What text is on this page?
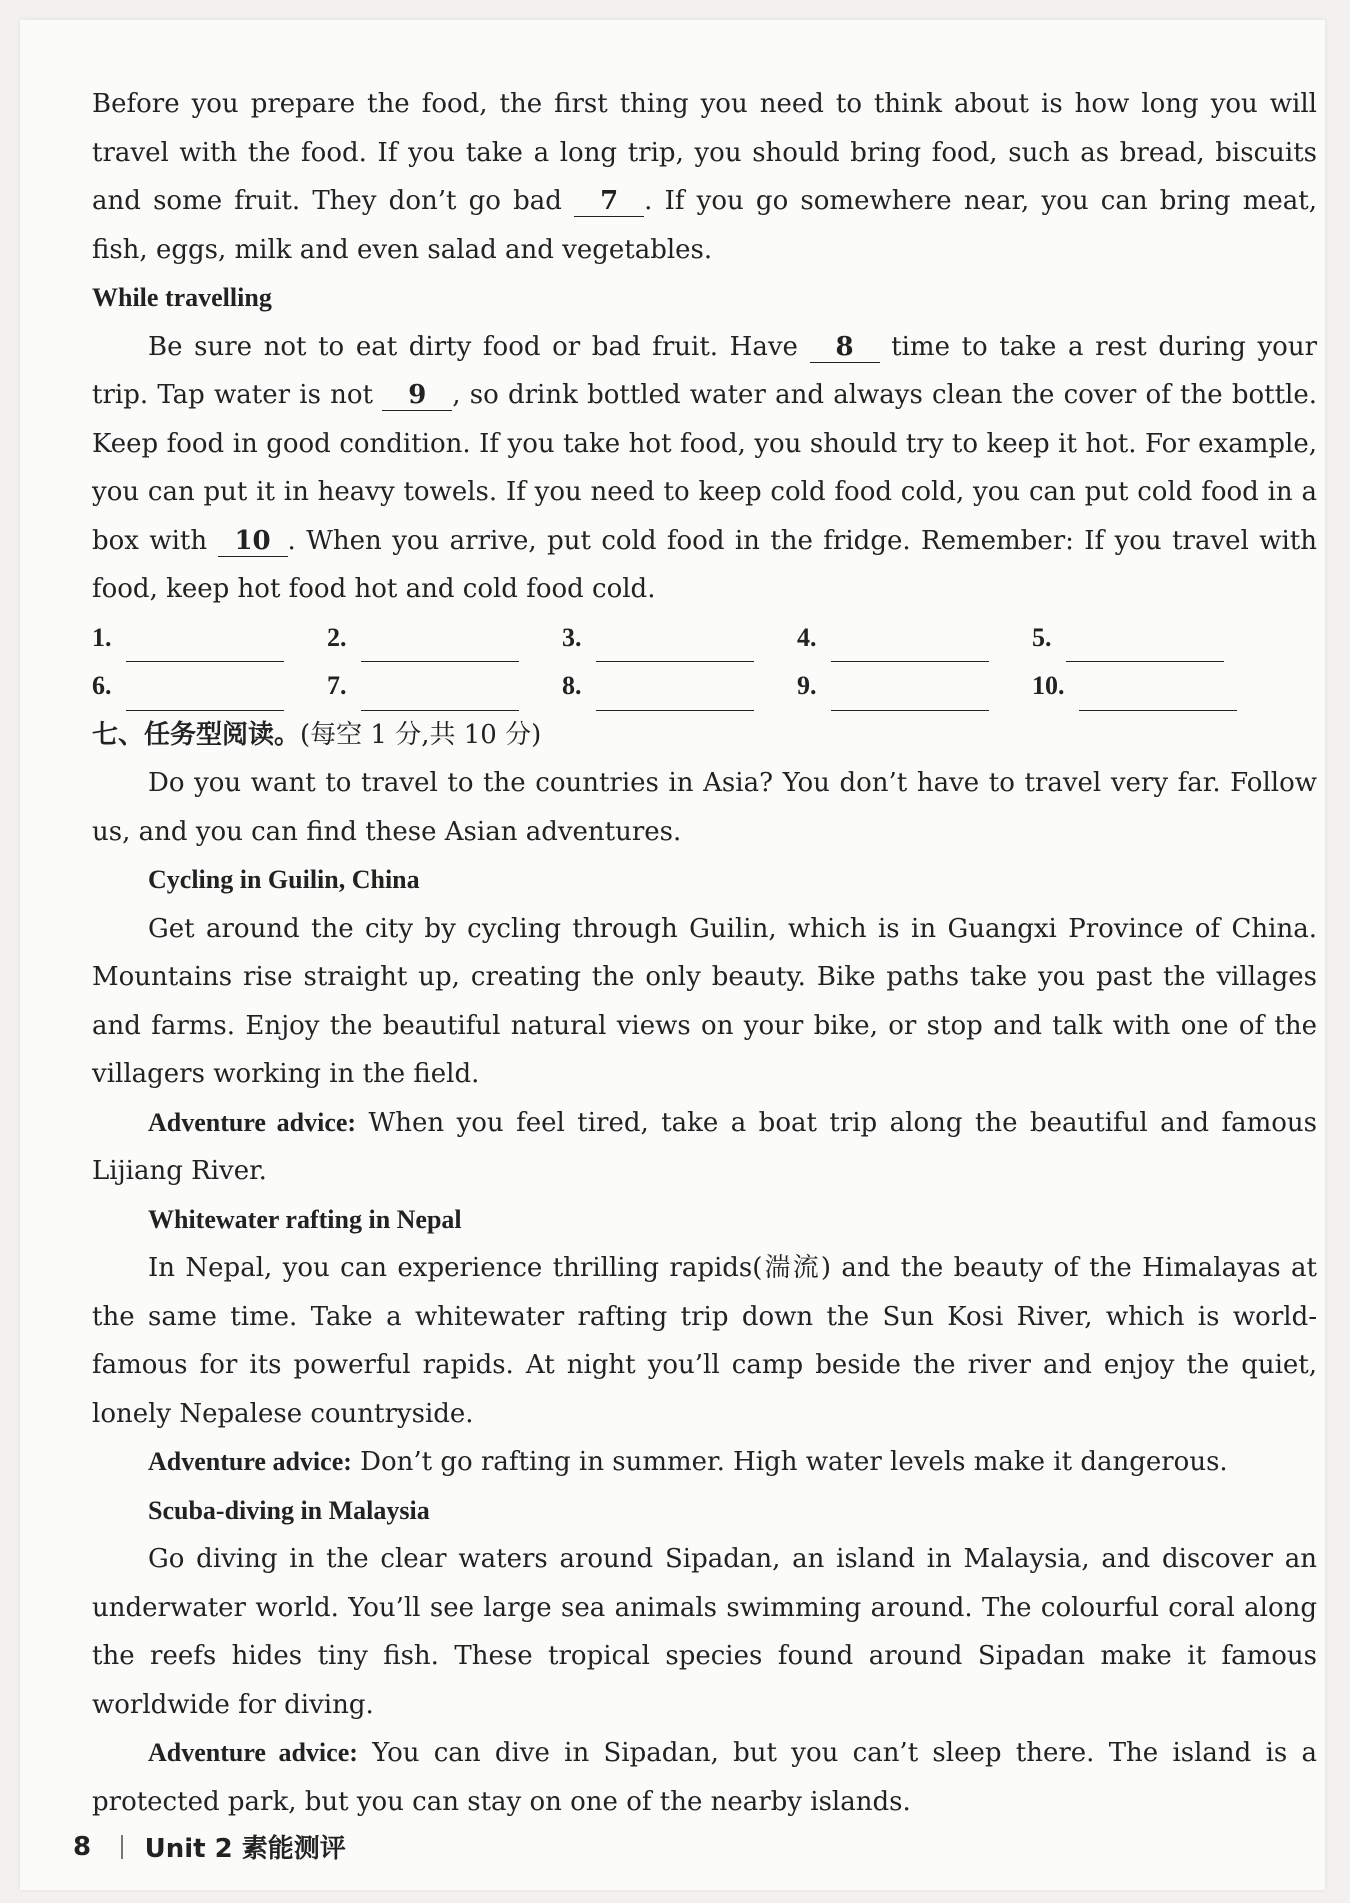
Before you prepare the food, the first thing you need to think about is how long you will travel with the food. If you take a long trip, you should bring food, such as bread, biscuits and some fruit. They don’t go bad 7 . If you go somewhere near, you can bring meat, fish, eggs, milk and even salad and vegetables.

While travelling

Be sure not to eat dirty food or bad fruit. Have 8 time to take a rest during your trip. Tap water is not 9 , so drink bottled water and always clean the cover of the bottle. Keep food in good condition. If you take hot food, you should try to keep it hot. For example, you can put it in heavy towels. If you need to keep cold food cold, you can put cold food in a box with 10 . When you arrive, put cold food in the fridge. Remember: If you travel with food, keep hot food hot and cold food cold.

1.	2.	3.	4.	5.
6.	7.	8.	9.	10.

七、任务型阅读。(每空 1 分,共 10 分)

Do you want to travel to the countries in Asia? You don’t have to travel very far. Follow us, and you can find these Asian adventures.

Cycling in Guilin, China

Get around the city by cycling through Guilin, which is in Guangxi Province of China. Mountains rise straight up, creating the only beauty. Bike paths take you past the villages and farms. Enjoy the beautiful natural views on your bike, or stop and talk with one of the villagers working in the field.

Adventure advice: When you feel tired, take a boat trip along the beautiful and famous Lijiang River.

Whitewater rafting in Nepal

In Nepal, you can experience thrilling rapids(湍流) and the beauty of the Himalayas at the same time. Take a whitewater rafting trip down the Sun Kosi River, which is world-famous for its powerful rapids. At night you’ll camp beside the river and enjoy the quiet, lonely Nepalese countryside.

Adventure advice: Don’t go rafting in summer. High water levels make it dangerous.

Scuba-diving in Malaysia

Go diving in the clear waters around Sipadan, an island in Malaysia, and discover an underwater world. You’ll see large sea animals swimming around. The colourful coral along the reefs hides tiny fish. These tropical species found around Sipadan make it famous worldwide for diving.

Adventure advice: You can dive in Sipadan, but you can’t sleep there. The island is a protected park, but you can stay on one of the nearby islands.

8 Unit 2 素能测评
